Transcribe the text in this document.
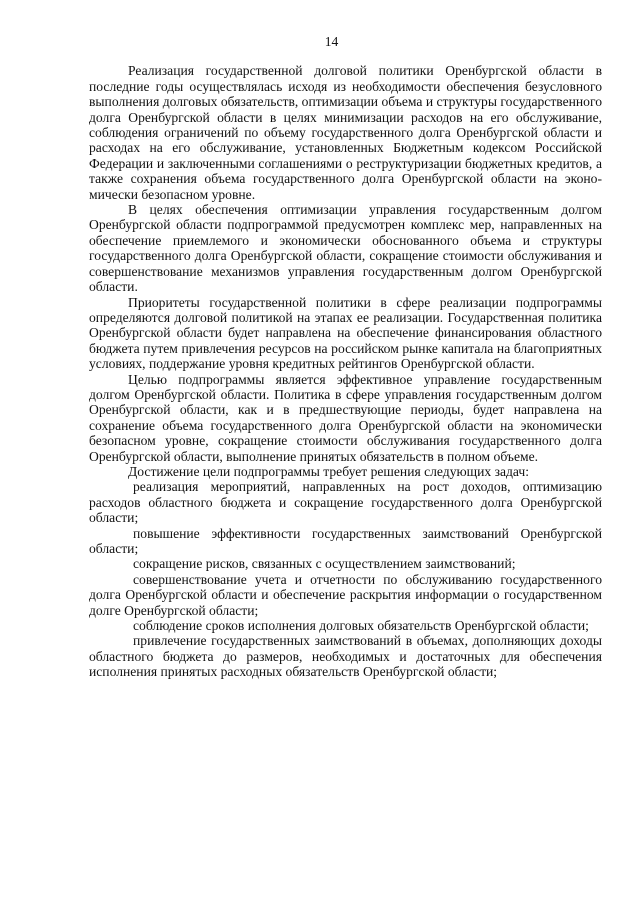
14

Реализация государственной долговой политики Оренбургской области в последние годы осуществлялась исходя из необходимости обеспечения безусловного выполнения долговых обязательств, оптимизации объема и структуры государственного долга Оренбургской области в целях минимизации расходов на его обслуживание, соблюдения ограничений по объему государственного долга Оренбургской области и расходах на его обслуживание, установленных Бюджетным кодексом Российской Федерации и заключенными соглашениями о реструктуризации бюджетных кредитов, а также сохранения объема государственного долга Оренбургской области на экономически безопасном уровне.

В целях обеспечения оптимизации управления государственным долгом Оренбургской области подпрограммой предусмотрен комплекс мер, направленных на обеспечение приемлемого и экономически обоснованного объема и структуры государственного долга Оренбургской области, сокращение стоимости обслуживания и совершенствование механизмов управления государственным долгом Оренбургской области.

Приоритеты государственной политики в сфере реализации подпрограммы определяются долговой политикой на этапах ее реализации. Государственная политика Оренбургской области будет направлена на обеспечение финансирования областного бюджета путем привлечения ресурсов на российском рынке капитала на благоприятных условиях, поддержание уровня кредитных рейтингов Оренбургской области.

Целью подпрограммы является эффективное управление государственным долгом Оренбургской области. Политика в сфере управления государственным долгом Оренбургской области, как и в предшествующие периоды, будет направлена на сохранение объема государственного долга Оренбургской области на экономически безопасном уровне, сокращение стоимости обслуживания государственного долга Оренбургской области, выполнение принятых обязательств в полном объеме.

Достижение цели подпрограммы требует решения следующих задач:

реализация мероприятий, направленных на рост доходов, оптимизацию расходов областного бюджета и сокращение государственного долга Оренбургской области;

повышение эффективности государственных заимствований Оренбургской области;

сокращение рисков, связанных с осуществлением заимствований;

совершенствование учета и отчетности по обслуживанию государственного долга Оренбургской области и обеспечение раскрытия информации о государственном долге Оренбургской области;

соблюдение сроков исполнения долговых обязательств Оренбургской области;

привлечение государственных заимствований в объемах, дополняющих доходы областного бюджета до размеров, необходимых и достаточных для обеспечения исполнения принятых расходных обязательств Оренбургской области;
